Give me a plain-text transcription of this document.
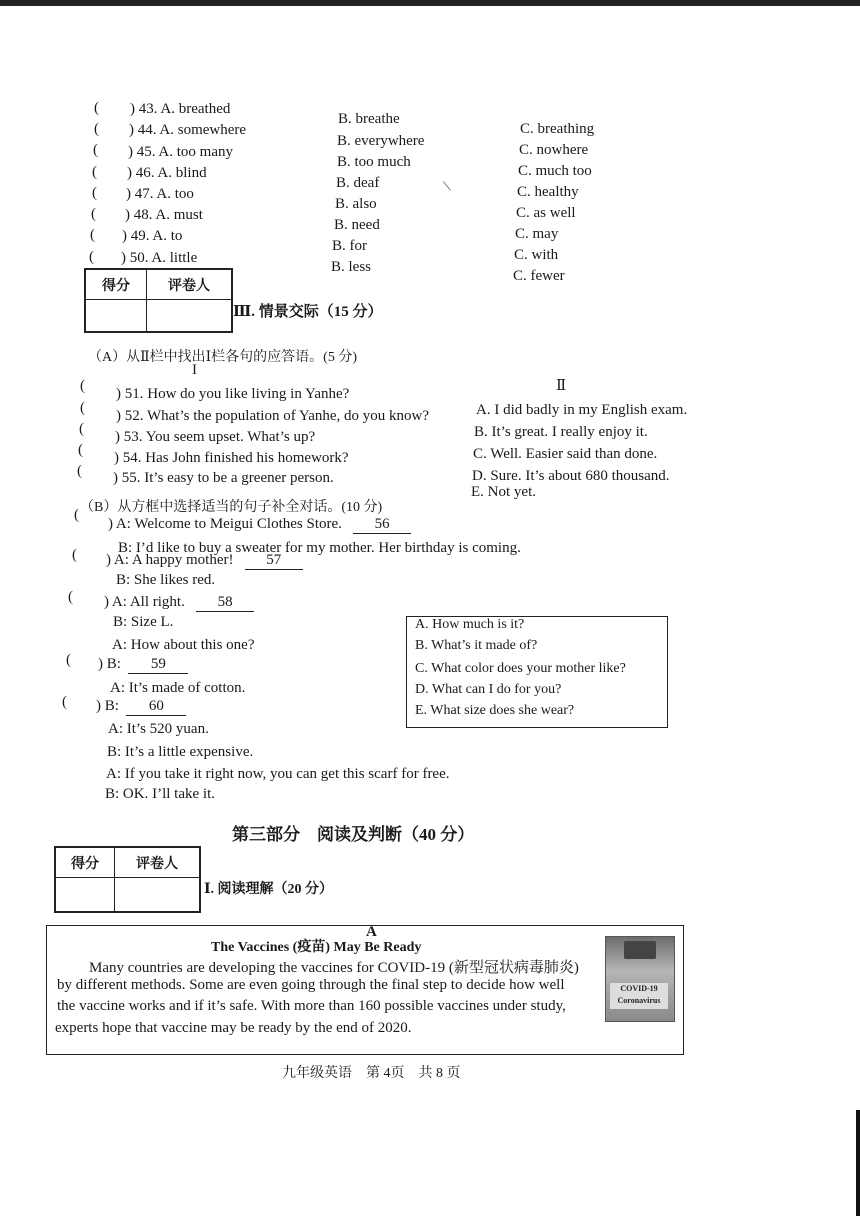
( ) 43. A. breathed
B. breathe
C. breathing
( ) 44. A. somewhere
B. everywhere
C. nowhere
( ) 45. A. too many
B. too much
C. much too
( ) 46. A. blind
B. deaf
C. healthy
( ) 47. A. too
B. also
C. as well
( ) 48. A. must
B. need
C. may
( ) 49. A. to
B. for
C. with
( ) 50. A. little
B. less
C. fewer
\
得分	评卷人

Ⅲ. 情景交际（15 分）
（A）从Ⅱ栏中找出Ⅰ栏各句的应答语。(5 分)
I
Ⅱ
( ) 51. How do you like living in Yanhe?
( ) 52. What’s the population of Yanhe, do you know?
( ) 53. You seem upset. What’s up?
( ) 54. Has John finished his homework?
( ) 55. It’s easy to be a greener person.
A. I did badly in my English exam.
B. It’s great. I really enjoy it.
C. Well. Easier said than done.
D. Sure. It’s about 680 thousand.
E. Not yet.
（B）从方框中选择适当的句子补全对话。(10 分)
(
) A: Welcome to Meigui Clothes Store. 56
B: I’d like to buy a sweater for my mother. Her birthday is coming.
( ) A: A happy mother! 57
B: She likes red.
( ) A: All right. 58
B: Size L.
A: How about this one?
( ) B: 59
A: It’s made of cotton.
( ) B: 60
A: It’s 520 yuan.
B: It’s a little expensive.
A: If you take it right now, you can get this scarf for free.
B: OK. I’ll take it.
A. How much is it?
B. What’s it made of?
C. What color does your mother like?
D. What can I do for you?
E. What size does she wear?
第三部分　阅读及判断（40 分）
得分	评卷人

Ⅰ. 阅读理解（20 分）
A
The Vaccines (疫苗) May Be Ready
Many countries are developing the vaccines for COVID-19 (新型冠状病毒肺炎)
by different methods. Some are even going through the final step to decide how well
the vaccine works and if it’s safe. With more than 160 possible vaccines under study,
experts hope that vaccine may be ready by the end of 2020.
COVID-19 Coronavirus
九年级英语　第 4页　共 8 页
